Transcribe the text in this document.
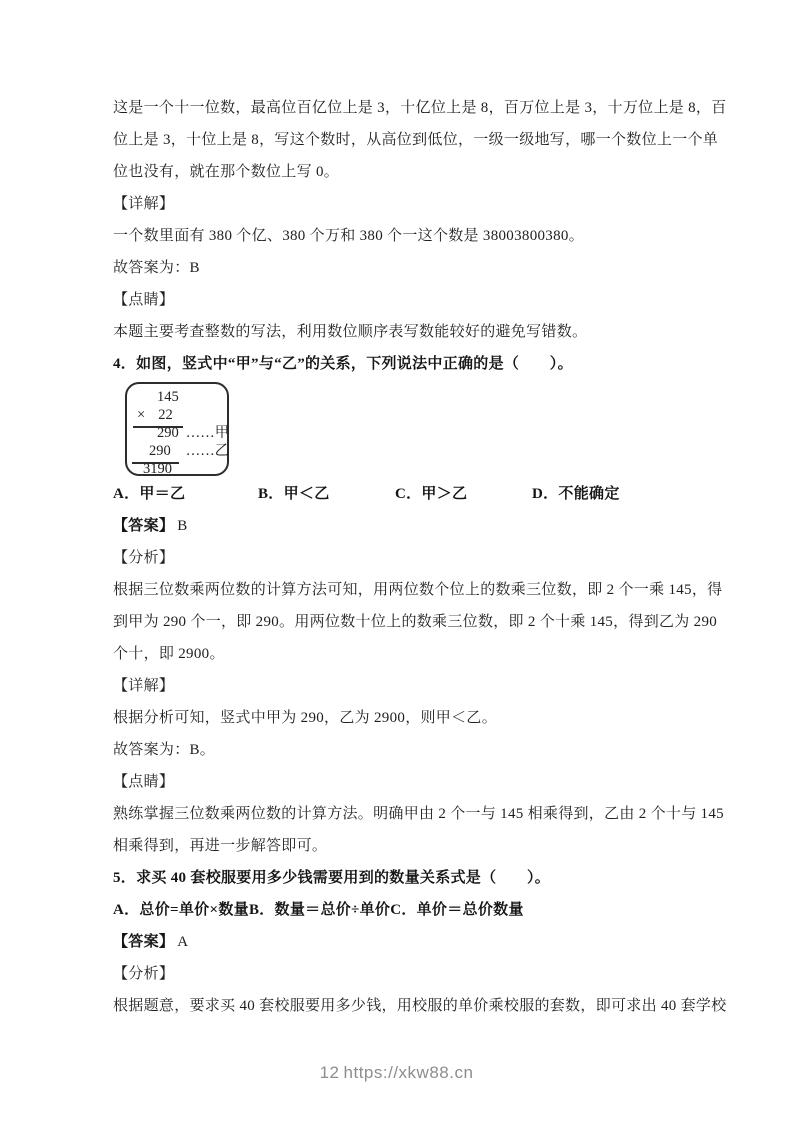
这是一个十一位数，最高位百亿位上是 3，十亿位上是 8，百万位上是 3，十万位上是 8，百
位上是 3，十位上是 8，写这个数时，从高位到低位，一级一级地写，哪一个数位上一个单
位也没有，就在那个数位上写 0。
【详解】
一个数里面有 380 个亿、380 个万和 380 个一这个数是 38003800380。
故答案为：B
【点睛】
本题主要考查整数的写法，利用数位顺序表写数能较好的避免写错数。
4．如图，竖式中“甲”与“乙”的关系，下列说法中正确的是（　　）。
145
× 22
290 ……甲
290 ……乙
3190
A．甲＝乙	B．甲＜乙	C．甲＞乙	D．不能确定
【答案】 B
【分析】
根据三位数乘两位数的计算方法可知，用两位数个位上的数乘三位数，即 2 个一乘 145，得
到甲为 290 个一，即 290。用两位数十位上的数乘三位数，即 2 个十乘 145，得到乙为 290
个十，即 2900。
【详解】
根据分析可知，竖式中甲为 290，乙为 2900，则甲＜乙。
故答案为：B。
【点睛】
熟练掌握三位数乘两位数的计算方法。明确甲由 2 个一与 145 相乘得到，乙由 2 个十与 145
相乘得到，再进一步解答即可。
5．求买 40 套校服要用多少钱需要用到的数量关系式是（　　）。
A．总价=单价×数量B．数量＝总价÷单价C．单价＝总价数量
【答案】 A
【分析】
根据题意，要求买 40 套校服要用多少钱，用校服的单价乘校服的套数，即可求出 40 套学校
12 https://xkw88.cn
